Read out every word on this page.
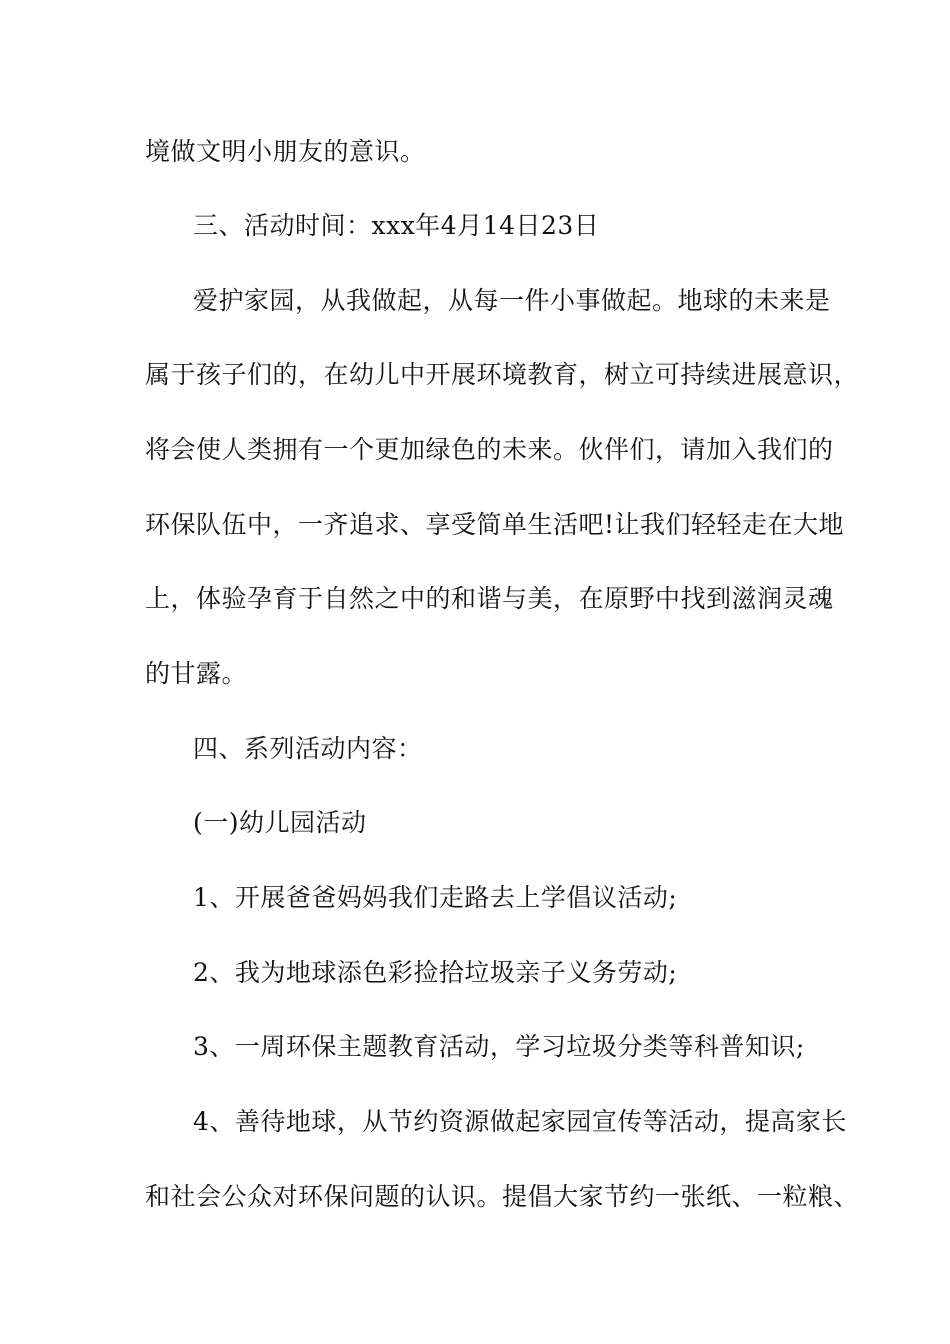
境做文明小朋友的意识。
三、活动时间：xxx年4月14日23日
爱护家园，从我做起，从每一件小事做起。地球的未来是
属于孩子们的，在幼儿中开展环境教育，树立可持续进展意识，
将会使人类拥有一个更加绿色的未来。伙伴们，请加入我们的
环保队伍中，一齐追求、享受简单生活吧!让我们轻轻走在大地
上，体验孕育于自然之中的和谐与美，在原野中找到滋润灵魂
的甘露。
四、系列活动内容：
(一)幼儿园活动
1、开展爸爸妈妈我们走路去上学倡议活动;
2、我为地球添色彩捡拾垃圾亲子义务劳动;
3、一周环保主题教育活动，学习垃圾分类等科普知识;
4、善待地球，从节约资源做起家园宣传等活动，提高家长
和社会公众对环保问题的认识。提倡大家节约一张纸、一粒粮、
